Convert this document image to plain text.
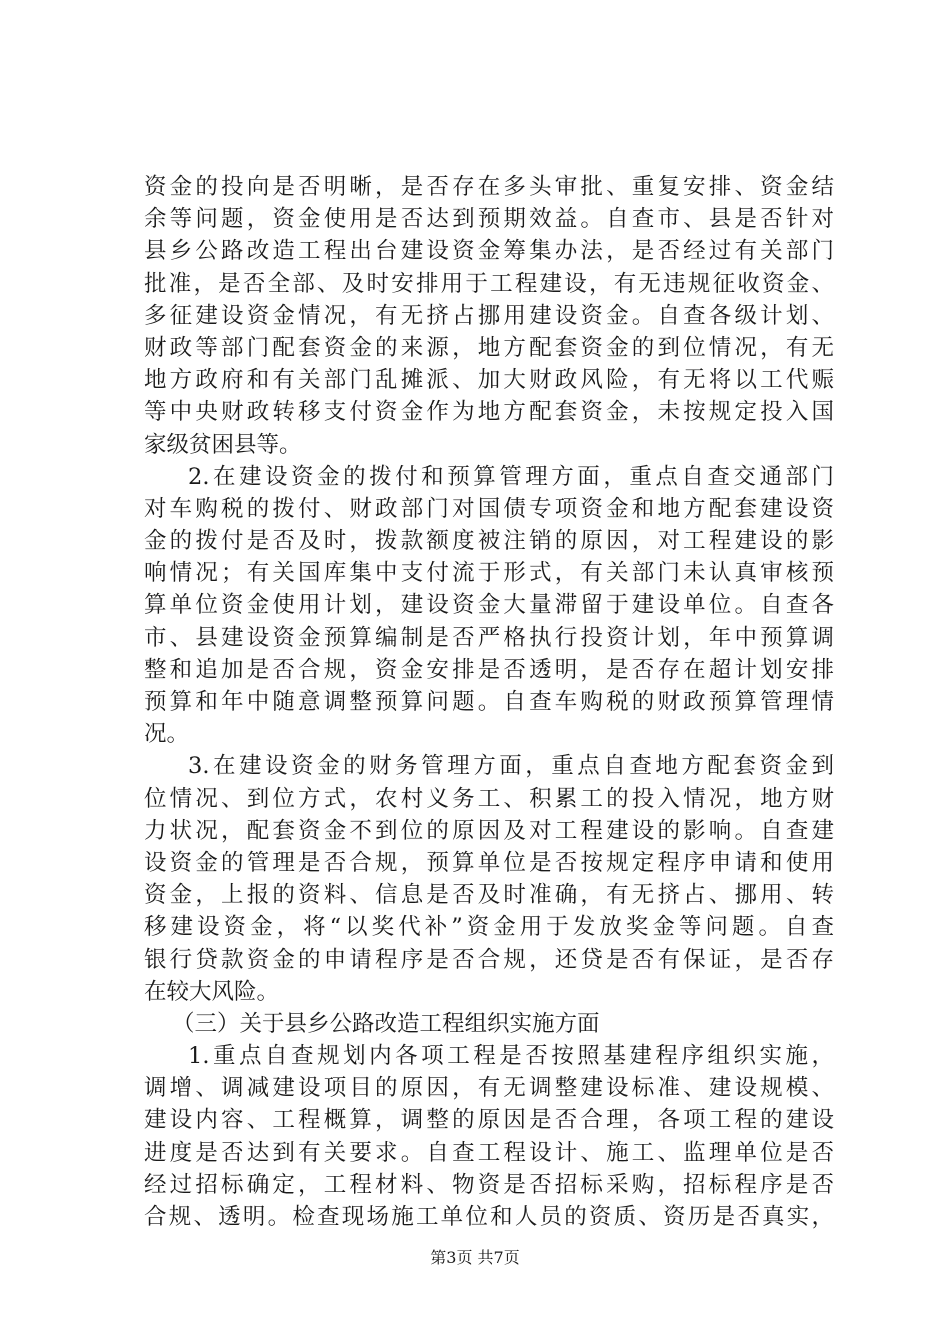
资金的投向是否明晰，是否存在多头审批、重复安排、资金结
余等问题，资金使用是否达到预期效益。自查市、县是否针对
县乡公路改造工程出台建设资金筹集办法，是否经过有关部门
批准，是否全部、及时安排用于工程建设，有无违规征收资金、
多征建设资金情况，有无挤占挪用建设资金。自查各级计划、
财政等部门配套资金的来源，地方配套资金的到位情况，有无
地方政府和有关部门乱摊派、加大财政风险，有无将以工代赈
等中央财政转移支付资金作为地方配套资金，未按规定投入国
家级贫困县等。
2.在建设资金的拨付和预算管理方面，重点自查交通部门
对车购税的拨付、财政部门对国债专项资金和地方配套建设资
金的拨付是否及时，拨款额度被注销的原因，对工程建设的影
响情况；有关国库集中支付流于形式，有关部门未认真审核预
算单位资金使用计划，建设资金大量滞留于建设单位。自查各
市、县建设资金预算编制是否严格执行投资计划，年中预算调
整和追加是否合规，资金安排是否透明，是否存在超计划安排
预算和年中随意调整预算问题。自查车购税的财政预算管理情
况。
3.在建设资金的财务管理方面，重点自查地方配套资金到
位情况、到位方式，农村义务工、积累工的投入情况，地方财
力状况，配套资金不到位的原因及对工程建设的影响。自查建
设资金的管理是否合规，预算单位是否按规定程序申请和使用
资金，上报的资料、信息是否及时准确，有无挤占、挪用、转
移建设资金，将“以奖代补”资金用于发放奖金等问题。自查
银行贷款资金的申请程序是否合规，还贷是否有保证，是否存
在较大风险。
（三）关于县乡公路改造工程组织实施方面
1.重点自查规划内各项工程是否按照基建程序组织实施，
调增、调减建设项目的原因，有无调整建设标准、建设规模、
建设内容、工程概算，调整的原因是否合理，各项工程的建设
进度是否达到有关要求。自查工程设计、施工、监理单位是否
经过招标确定，工程材料、物资是否招标采购，招标程序是否
合规、透明。检查现场施工单位和人员的资质、资历是否真实，
第3页 共7页
